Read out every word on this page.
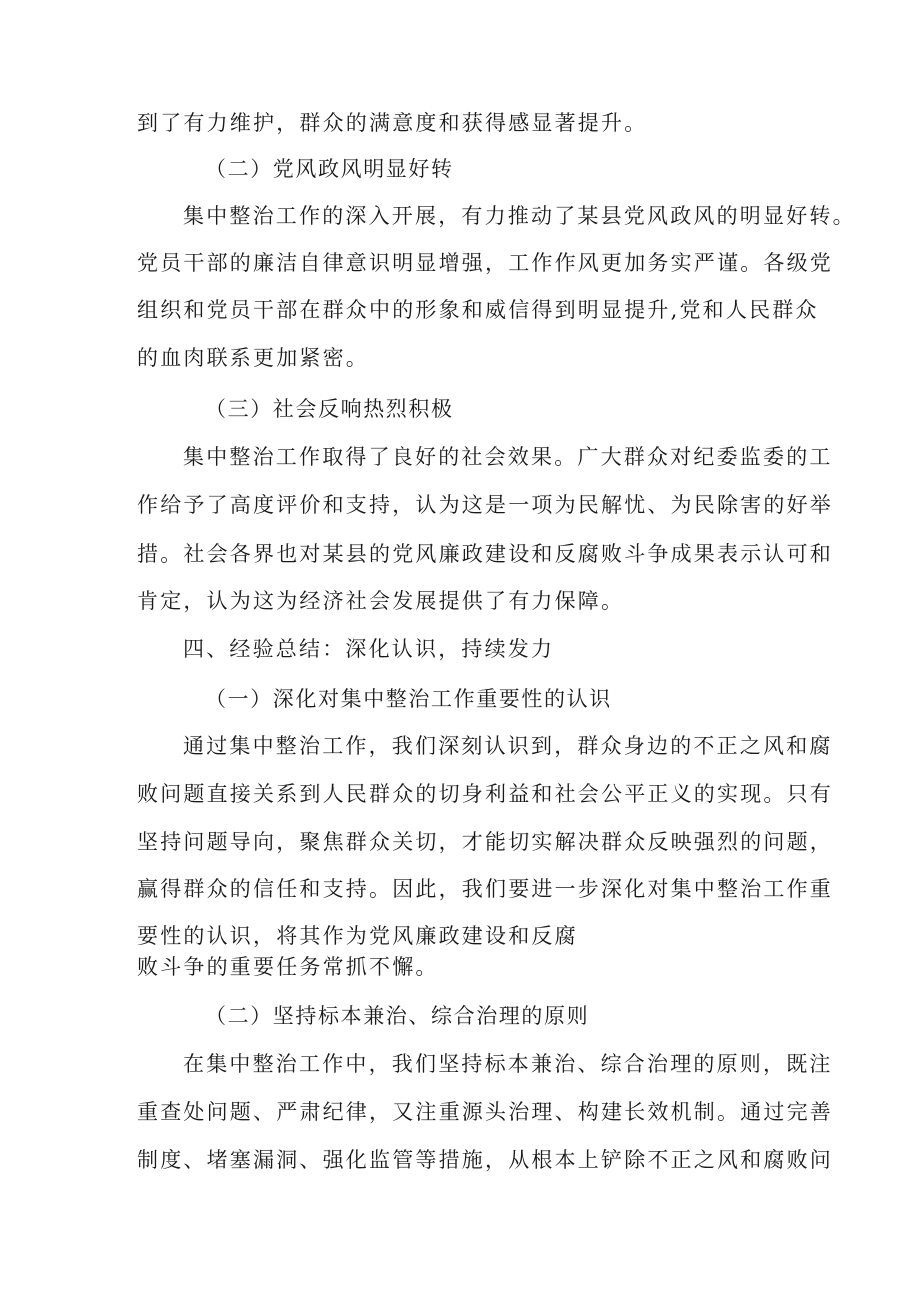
到了有力维护，群众的满意度和获得感显著提升。
（二）党风政风明显好转
集中整治工作的深入开展，有力推动了某县党风政风的明显好转。
党员干部的廉洁自律意识明显增强，工作作风更加务实严谨。各级党
组织和党员干部在群众中的形象和威信得到明显提升,党和人民群众
的血肉联系更加紧密。
（三）社会反响热烈积极
集中整治工作取得了良好的社会效果。广大群众对纪委监委的工
作给予了高度评价和支持，认为这是一项为民解忧、为民除害的好举
措。社会各界也对某县的党风廉政建设和反腐败斗争成果表示认可和
肯定，认为这为经济社会发展提供了有力保障。
四、经验总结：深化认识，持续发力
（一）深化对集中整治工作重要性的认识
通过集中整治工作，我们深刻认识到，群众身边的不正之风和腐
败问题直接关系到人民群众的切身利益和社会公平正义的实现。只有
坚持问题导向，聚焦群众关切，才能切实解决群众反映强烈的问题，
赢得群众的信任和支持。因此，我们要进一步深化对集中整治工作重
要性的认识，将其作为党风廉政建设和反腐
败斗争的重要任务常抓不懈。
（二）坚持标本兼治、综合治理的原则
在集中整治工作中，我们坚持标本兼治、综合治理的原则，既注
重查处问题、严肃纪律，又注重源头治理、构建长效机制。通过完善
制度、堵塞漏洞、强化监管等措施，从根本上铲除不正之风和腐败问
